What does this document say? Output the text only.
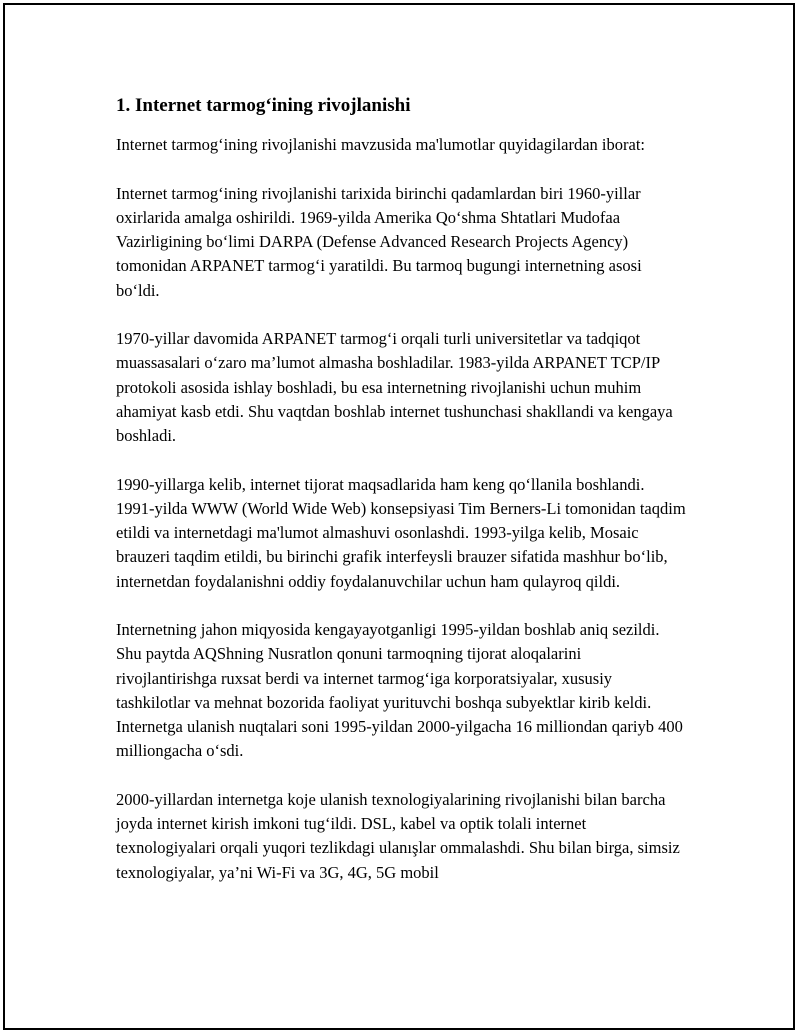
1. Internet tarmog‘ining rivojlanishi

Internet tarmog‘ining rivojlanishi mavzusida ma'lumotlar quyidagilardan iborat:

Internet tarmog‘ining rivojlanishi tarixida birinchi qadamlardan biri 1960-yillar oxirlarida amalga oshirildi. 1969-yilda Amerika Qo‘shma Shtatlari Mudofaa Vazirligining bo‘limi DARPA (Defense Advanced Research Projects Agency) tomonidan ARPANET tarmog‘i yaratildi. Bu tarmoq bugungi internetning asosi bo‘ldi.

1970-yillar davomida ARPANET tarmog‘i orqali turli universitetlar va tadqiqot muassasalari o‘zaro ma’lumot almasha boshladilar. 1983-yilda ARPANET TCP/IP protokoli asosida ishlay boshladi, bu esa internetning rivojlanishi uchun muhim ahamiyat kasb etdi. Shu vaqtdan boshlab internet tushunchasi shakllandi va kengaya boshladi.

1990-yillarga kelib, internet tijorat maqsadlarida ham keng qo‘llanila boshlandi. 1991-yilda WWW (World Wide Web) konsepsiyasi Tim Berners-Li tomonidan taqdim etildi va internetdagi ma'lumot almashuvi osonlashdi. 1993-yilga kelib, Mosaic brauzeri taqdim etildi, bu birinchi grafik interfeysli brauzer sifatida mashhur bo‘lib, internetdan foydalanishni oddiy foydalanuvchilar uchun ham qulayroq qildi.

Internetning jahon miqyosida kengayayotganligi 1995-yildan boshlab aniq sezildi. Shu paytda AQShning Nusratlon qonuni tarmoqning tijorat aloqalarini rivojlantirishga ruxsat berdi va internet tarmog‘iga korporatsiyalar, xususiy tashkilotlar va mehnat bozorida faoliyat yurituvchi boshqa subyektlar kirib keldi. Internetga ulanish nuqtalari soni 1995-yildan 2000-yilgacha 16 milliondan qariyb 400 milliongacha o‘sdi.

2000-yillardan internetga koje ulanish texnologiyalarining rivojlanishi bilan barcha joyda internet kirish imkoni tug‘ildi. DSL, kabel va optik tolali internet texnologiyalari orqali yuqori tezlikdagi ulanışlar ommalashdi. Shu bilan birga, simsiz texnologiyalar, ya’ni Wi-Fi va 3G, 4G, 5G mobil
